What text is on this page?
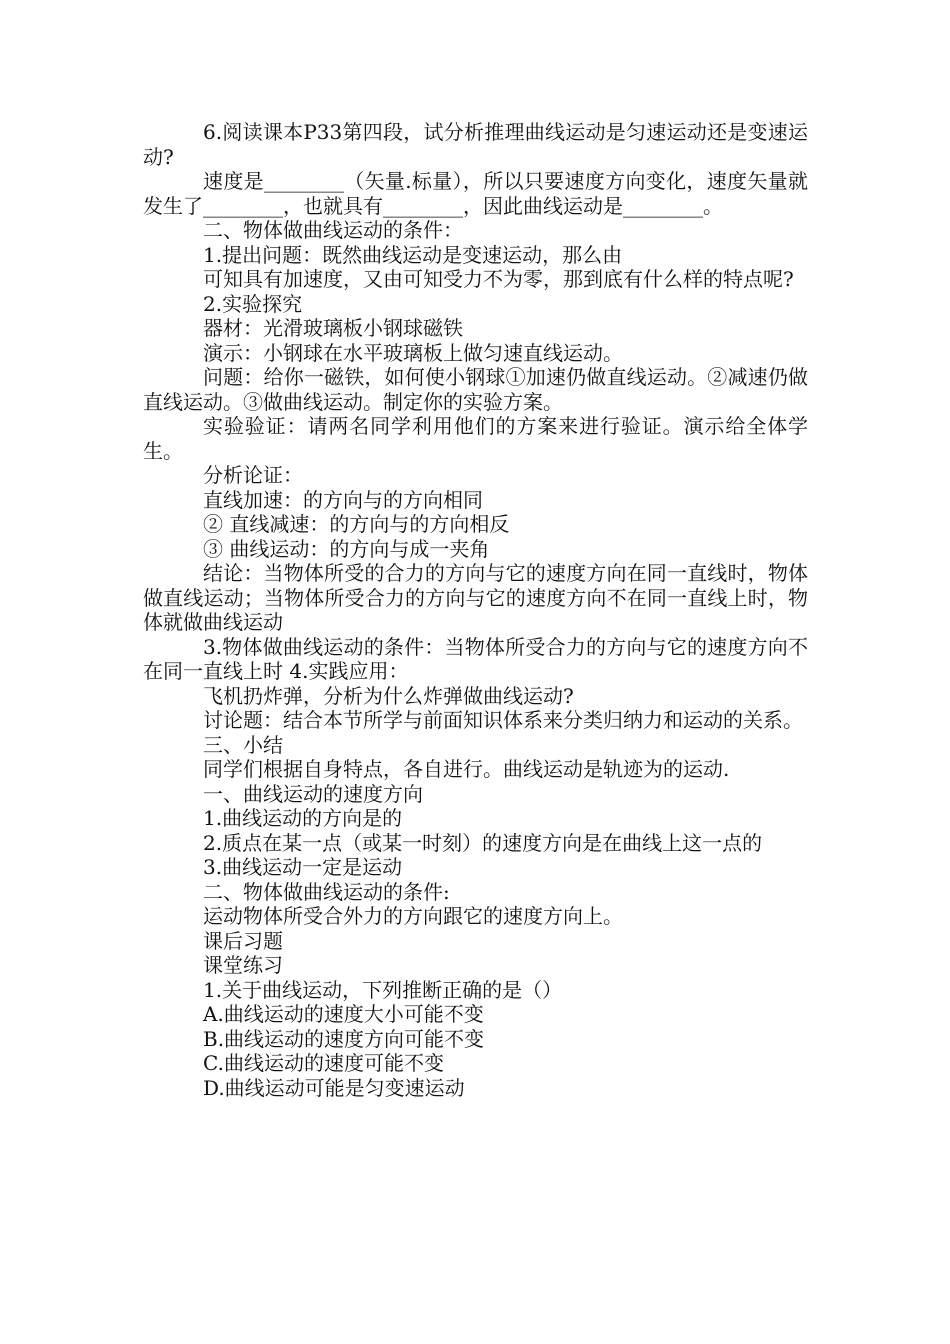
6.阅读课本P33第四段，试分析推理曲线运动是匀速运动还是变速运动?

速度是________（矢量.标量），所以只要速度方向变化，速度矢量就发生了________，也就具有________，因此曲线运动是________。

二、物体做曲线运动的条件：

1.提出问题：既然曲线运动是变速运动，那么由

可知具有加速度，又由可知受力不为零，那到底有什么样的特点呢?

2.实验探究

器材：光滑玻璃板小钢球磁铁

演示：小钢球在水平玻璃板上做匀速直线运动。

问题：给你一磁铁，如何使小钢球①加速仍做直线运动。②减速仍做直线运动。③做曲线运动。制定你的实验方案。

实验验证：请两名同学利用他们的方案来进行验证。演示给全体学生。

分析论证：

直线加速：的方向与的方向相同

② 直线减速：的方向与的方向相反

③ 曲线运动：的方向与成一夹角

结论：当物体所受的合力的方向与它的速度方向在同一直线时，物体做直线运动；当物体所受合力的方向与它的速度方向不在同一直线上时，物体就做曲线运动

3.物体做曲线运动的条件：当物体所受合力的方向与它的速度方向不在同一直线上时 4.实践应用：

飞机扔炸弹，分析为什么炸弹做曲线运动?

讨论题：结合本节所学与前面知识体系来分类归纳力和运动的关系。

三、小结

同学们根据自身特点，各自进行。曲线运动是轨迹为的运动.

一、曲线运动的速度方向

1.曲线运动的方向是的

2.质点在某一点（或某一时刻）的速度方向是在曲线上这一点的

3.曲线运动一定是运动

二、物体做曲线运动的条件:

运动物体所受合外力的方向跟它的速度方向上。

课后习题

课堂练习

1.关于曲线运动，下列推断正确的是（）

A.曲线运动的速度大小可能不变

B.曲线运动的速度方向可能不变

C.曲线运动的速度可能不变

D.曲线运动可能是匀变速运动
